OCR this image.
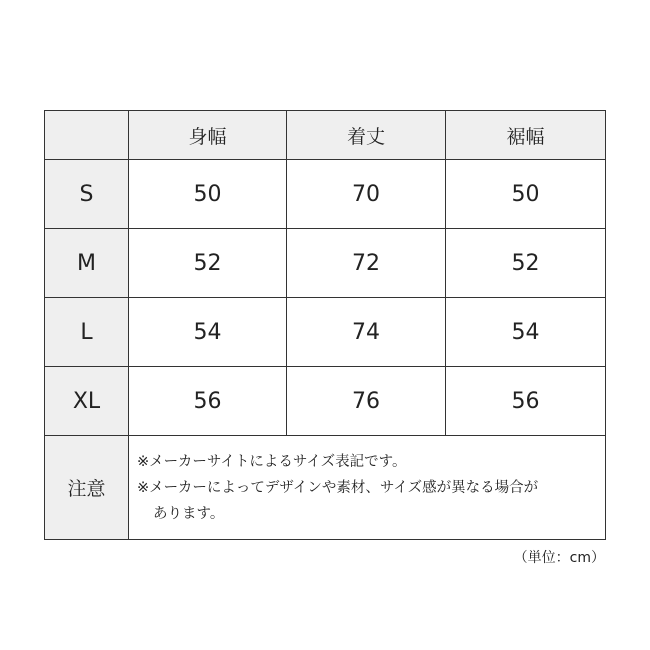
	身幅	着丈	裾幅
S	50	70	50
M	52	72	52
L	54	74	54
XL	56	76	56
注意	※メーカーサイトによるサイズ表記です。
※メーカーによってデザインや素材、サイズ感が異なる場合が
あります。		
（単位：cm）
